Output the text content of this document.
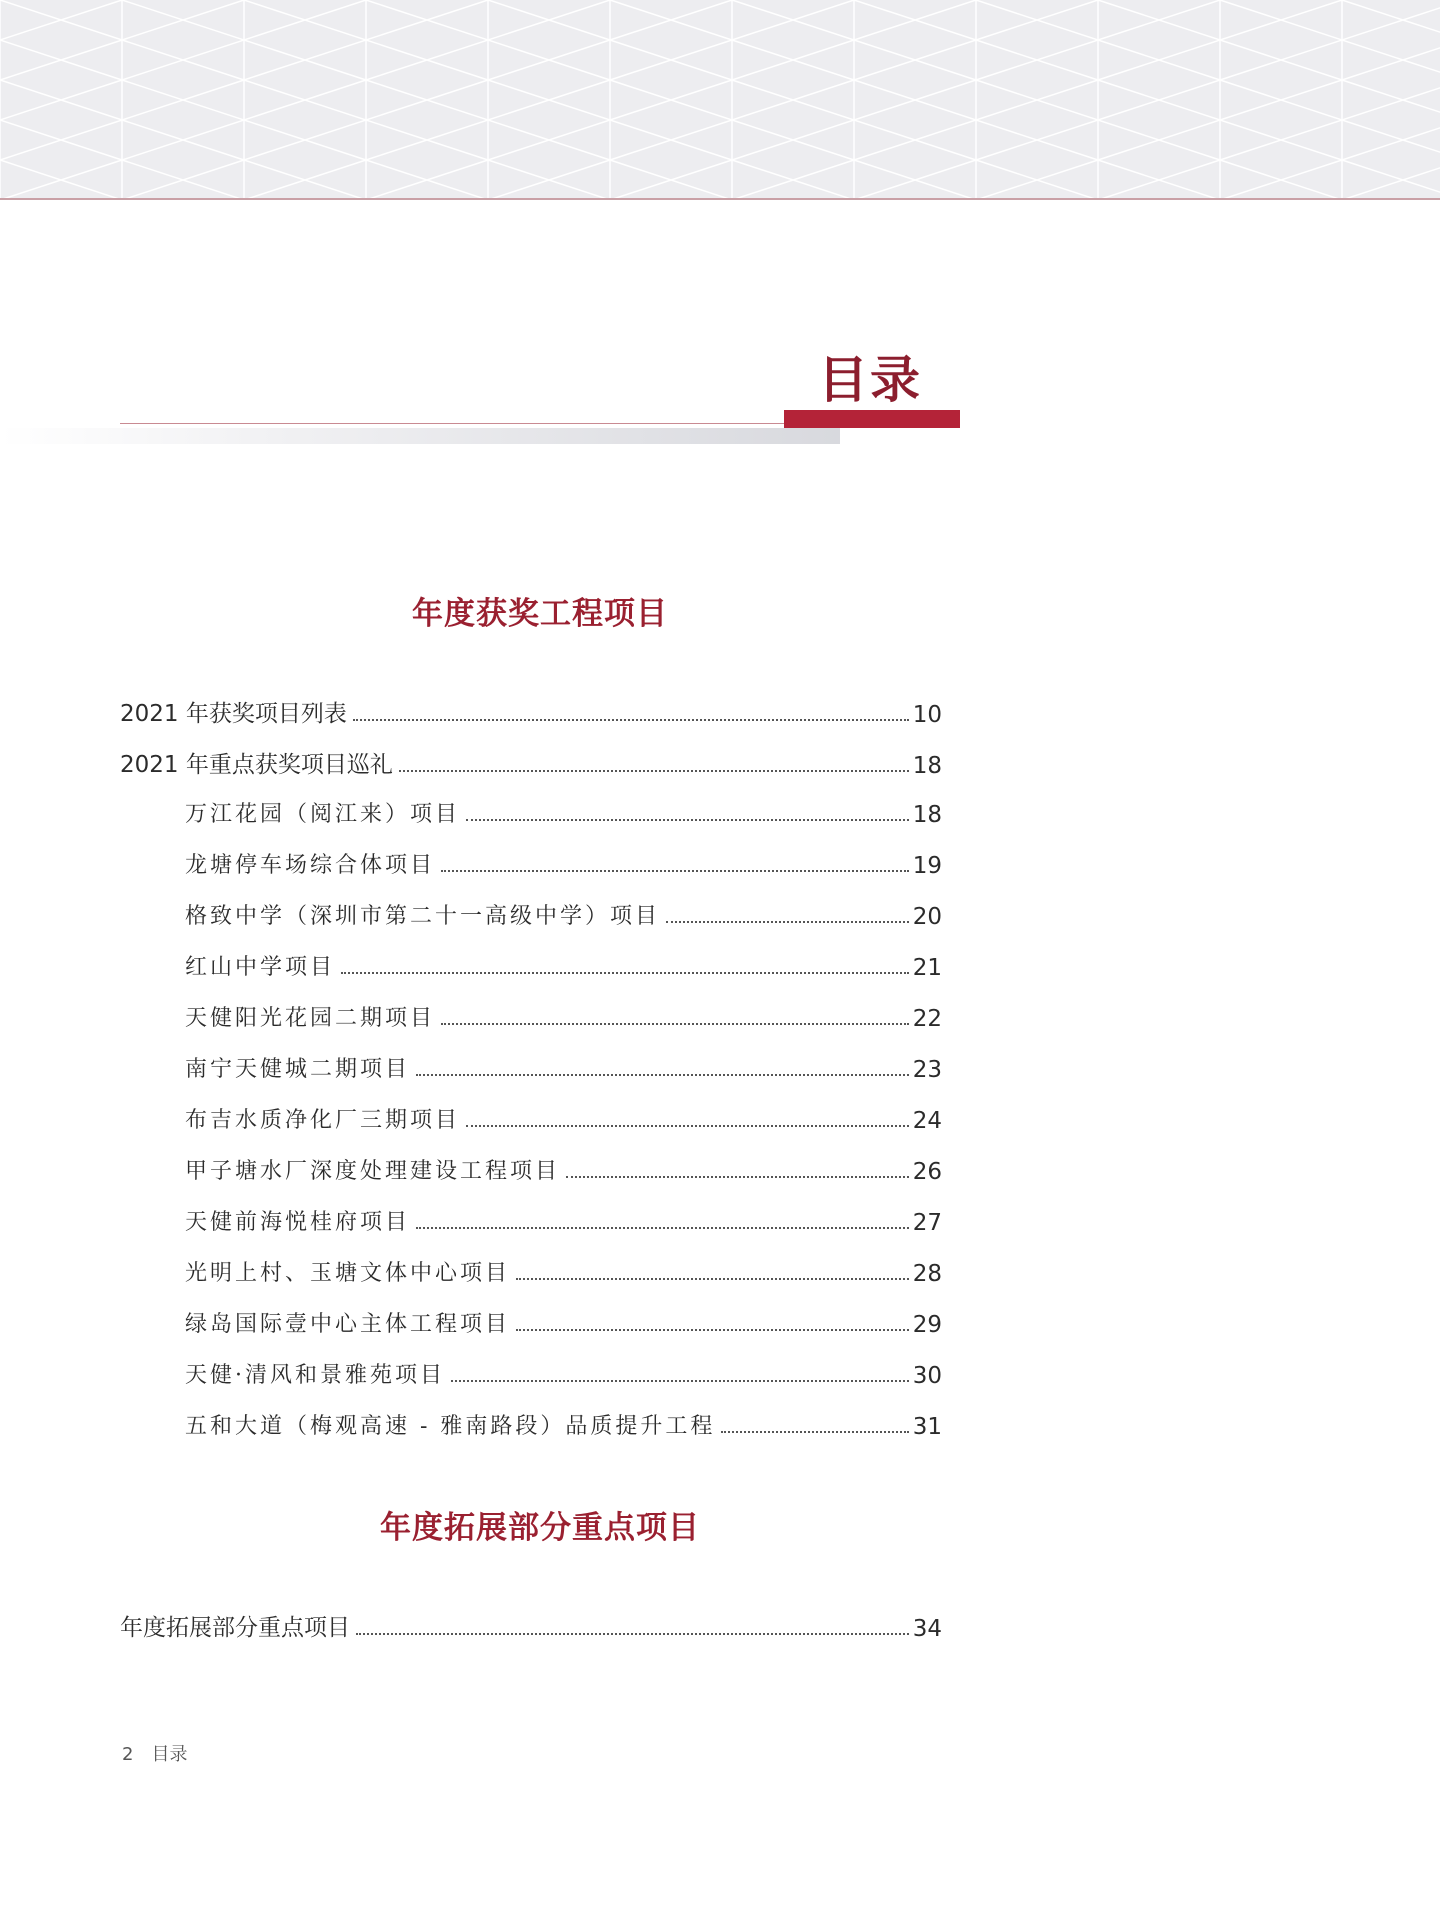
目录
年度获奖工程项目
2021 年获奖项目列表	10
2021 年重点获奖项目巡礼	18
万江花园（阅江来）项目	18
龙塘停车场综合体项目	19
格致中学（深圳市第二十一高级中学）项目	20
红山中学项目	21
天健阳光花园二期项目	22
南宁天健城二期项目	23
布吉水质净化厂三期项目	24
甲子塘水厂深度处理建设工程项目	26
天健前海悦桂府项目	27
光明上村、玉塘文体中心项目	28
绿岛国际壹中心主体工程项目	29
天健·清风和景雅苑项目	30
五和大道（梅观高速 - 雅南路段）品质提升工程	31
年度拓展部分重点项目
年度拓展部分重点项目	34
2 目录
